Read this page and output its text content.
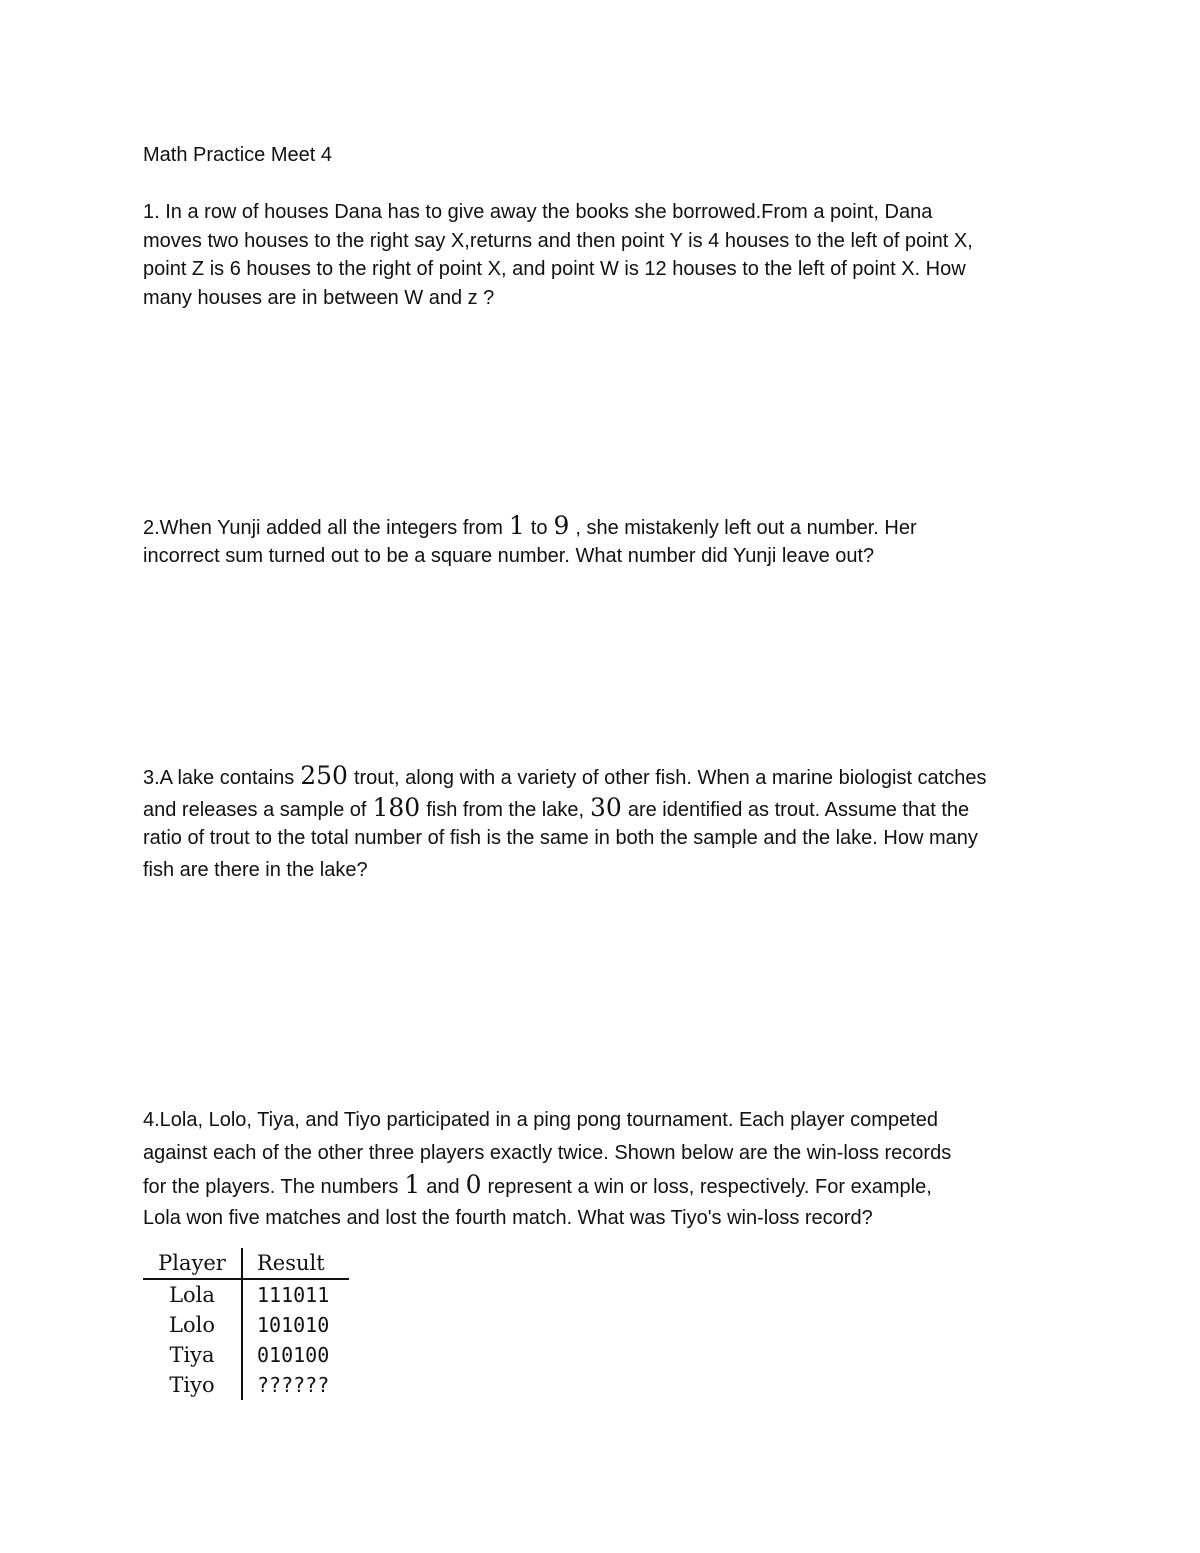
Math Practice Meet 4
1. In a row of houses Dana has to give away the books she borrowed.From a point, Dana
moves two houses to the right say X,returns and then point Y is 4 houses to the left of point X,
point Z is 6 houses to the right of point X, and point W is 12 houses to the left of point X. How
many houses are in between W and z ?
2.When Yunji added all the integers from 1 to 9 , she mistakenly left out a number. Her
incorrect sum turned out to be a square number. What number did Yunji leave out?
3.A lake contains 250 trout, along with a variety of other fish. When a marine biologist catches
and releases a sample of 180 fish from the lake, 30 are identified as trout. Assume that the
ratio of trout to the total number of fish is the same in both the sample and the lake. How many
fish are there in the lake?
4.Lola, Lolo, Tiya, and Tiyo participated in a ping pong tournament. Each player competed
against each of the other three players exactly twice. Shown below are the win-loss records
for the players. The numbers 1 and 0 represent a win or loss, respectively. For example,
Lola won five matches and lost the fourth match. What was Tiyo's win-loss record?
Player	Result
Lola	111011
Lolo	101010
Tiya	010100
Tiyo	??????
